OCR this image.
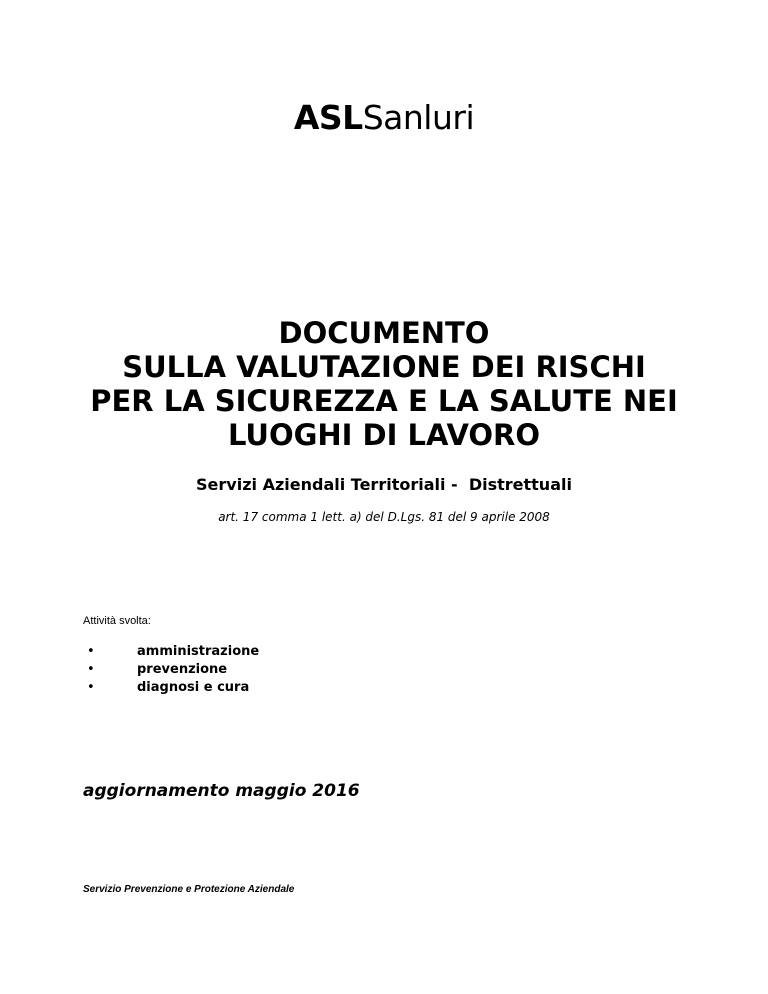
ASLSanluri
DOCUMENTO
SULLA VALUTAZIONE DEI RISCHI
PER LA SICUREZZA E LA SALUTE NEI
LUOGHI DI LAVORO
Servizi Aziendali Territoriali -  Distrettuali
art. 17 comma 1 lett. a) del D.Lgs. 81 del 9 aprile 2008
Attività svolta:
•	amministrazione
•	prevenzione
•	diagnosi e cura
aggiornamento maggio 2016
Servizio Prevenzione e Protezione Aziendale
